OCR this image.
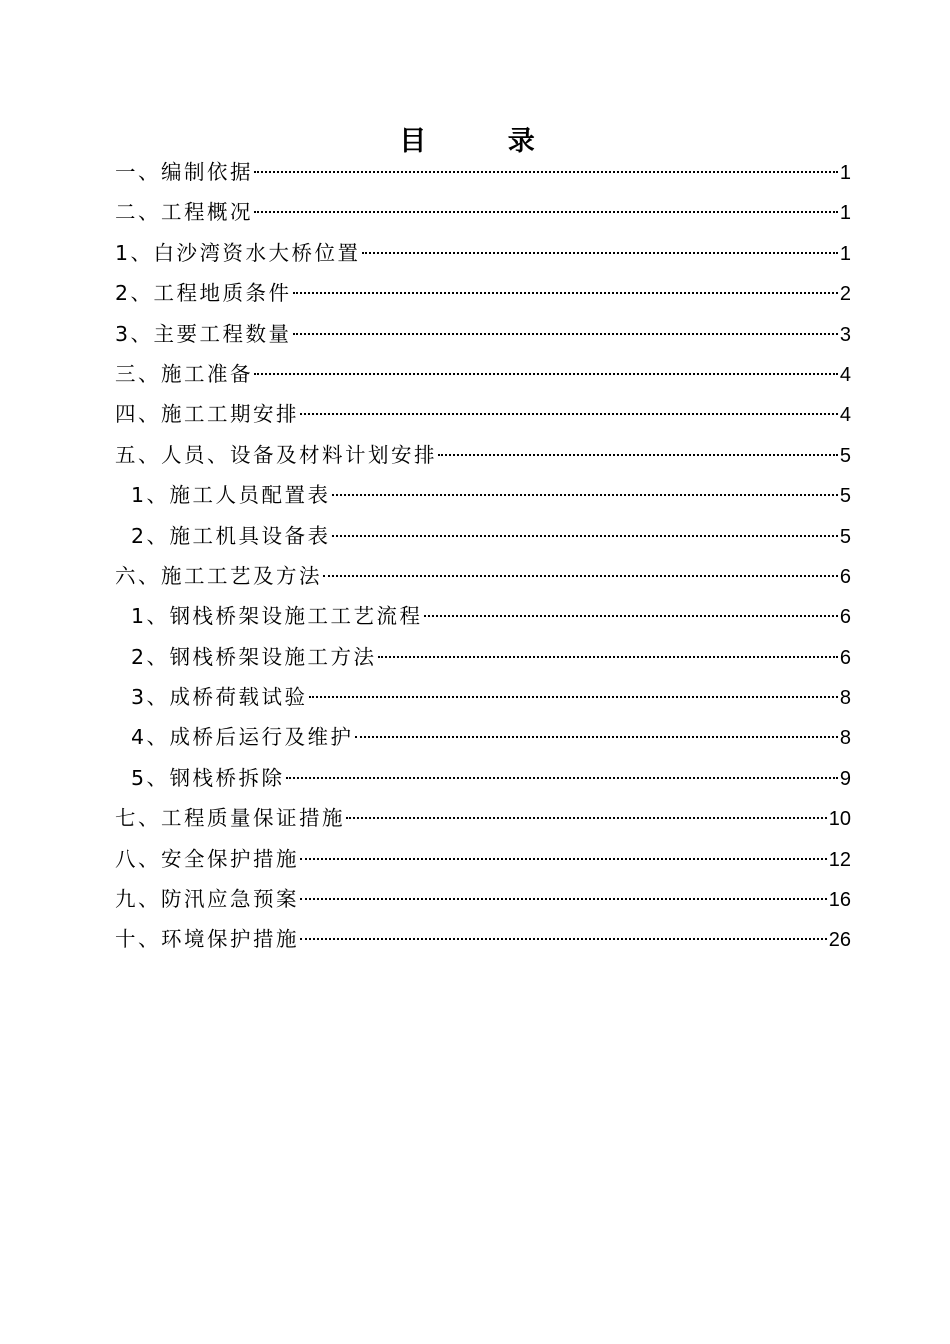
目 录
一、编制依据	1
二、工程概况	1
1、白沙湾资水大桥位置	1
2、工程地质条件	2
3、主要工程数量	3
三、施工准备	4
四、施工工期安排	4
五、人员、设备及材料计划安排	5
1、施工人员配置表	5
2、施工机具设备表	5
六、施工工艺及方法	6
1、钢栈桥架设施工工艺流程	6
2、钢栈桥架设施工方法	6
3、成桥荷载试验	8
4、成桥后运行及维护	8
5、钢栈桥拆除	9
七、工程质量保证措施	10
八、安全保护措施	12
九、防汛应急预案	16
十、环境保护措施	26
